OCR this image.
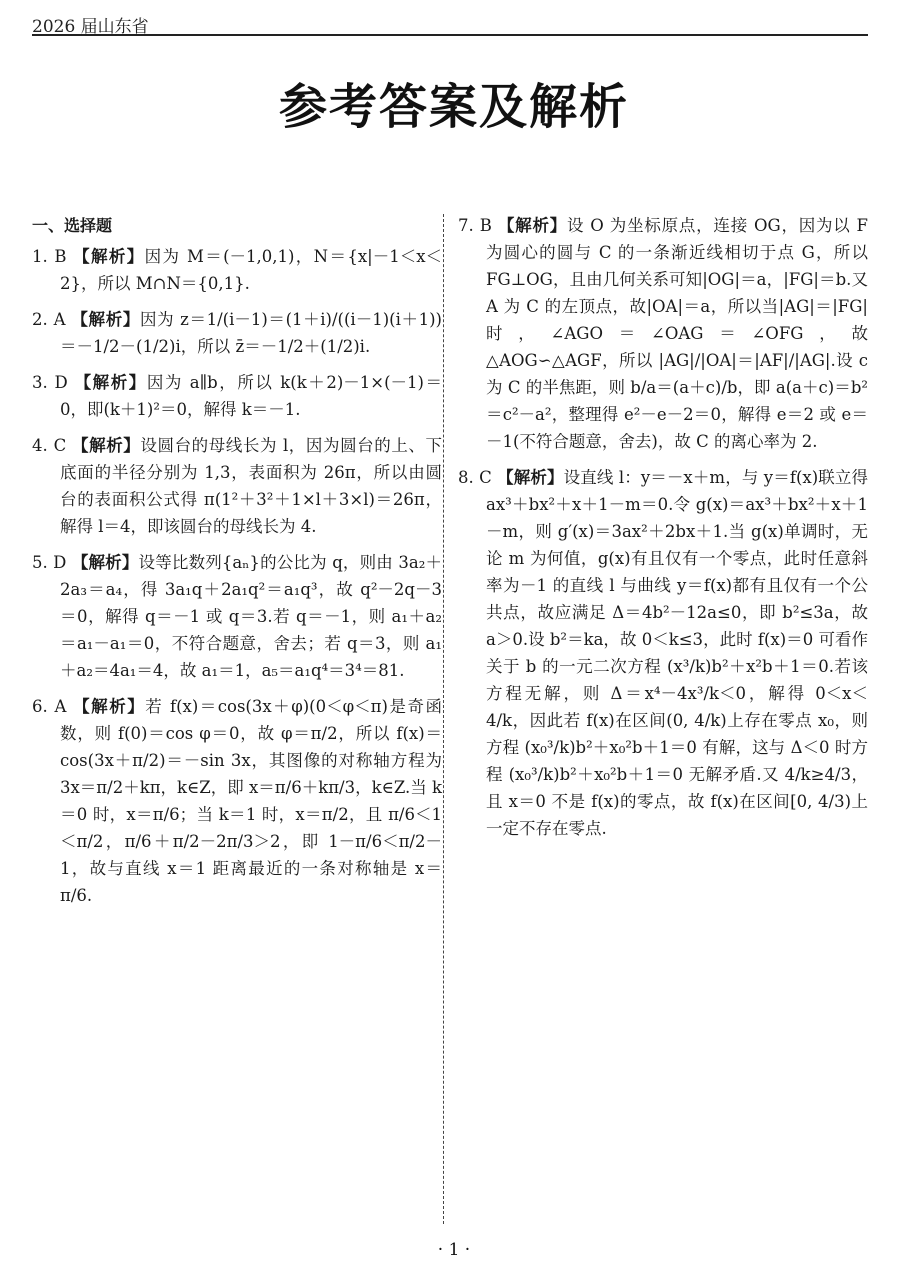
2026 届山东省
参考答案及解析
一、选择题

1. B 【解析】因为 M＝(－1,0,1)，N＝{x|－1＜x＜2}，所以 M∩N＝{0,1}.

2. A 【解析】因为 z＝1/(i－1)＝(1＋i)/((i－1)(i＋1))＝－1/2－(1/2)i，所以 z̄＝－1/2＋(1/2)i.

3. D 【解析】因为 a∥b，所以 k(k＋2)－1×(－1)＝0，即(k＋1)²＝0，解得 k＝－1.

4. C 【解析】设圆台的母线长为 l，因为圆台的上、下底面的半径分别为 1,3，表面积为 26π，所以由圆台的表面积公式得 π(1²＋3²＋1×l＋3×l)＝26π，解得 l＝4，即该圆台的母线长为 4.

5. D 【解析】设等比数列{aₙ}的公比为 q，则由 3a₂＋2a₃＝a₄，得 3a₁q＋2a₁q²＝a₁q³，故 q²－2q－3＝0，解得 q＝－1 或 q＝3.若 q＝－1，则 a₁＋a₂＝a₁－a₁＝0，不符合题意，舍去；若 q＝3，则 a₁＋a₂＝4a₁＝4，故 a₁＝1，a₅＝a₁q⁴＝3⁴＝81.

6. A 【解析】若 f(x)＝cos(3x＋φ)(0＜φ＜π)是奇函数，则 f(0)＝cos φ＝0，故 φ＝π/2，所以 f(x)＝cos(3x＋π/2)＝－sin 3x，其图像的对称轴方程为 3x＝π/2＋kπ，k∈Z，即 x＝π/6＋kπ/3，k∈Z.当 k＝0 时，x＝π/6；当 k＝1 时，x＝π/2，且 π/6＜1＜π/2，π/6＋π/2－2π/3＞2，即 1－π/6＜π/2－1，故与直线 x＝1 距离最近的一条对称轴是 x＝π/6.

7. B 【解析】设 O 为坐标原点，连接 OG，因为以 F 为圆心的圆与 C 的一条渐近线相切于点 G，所以 FG⊥OG，且由几何关系可知|OG|＝a，|FG|＝b.又 A 为 C 的左顶点，故|OA|＝a，所以当|AG|＝|FG|时，∠AGO＝∠OAG＝∠OFG，故△AOG∽△AGF，所以 |AG|/|OA|＝|AF|/|AG|.设 c 为 C 的半焦距，则 b/a＝(a＋c)/b，即 a(a＋c)＝b²＝c²－a²，整理得 e²－e－2＝0，解得 e＝2 或 e＝－1(不符合题意，舍去)，故 C 的离心率为 2.

8. C 【解析】设直线 l：y＝－x＋m，与 y＝f(x)联立得 ax³＋bx²＋x＋1－m＝0.令 g(x)＝ax³＋bx²＋x＋1－m，则 g′(x)＝3ax²＋2bx＋1.当 g(x)单调时，无论 m 为何值，g(x)有且仅有一个零点，此时任意斜率为－1 的直线 l 与曲线 y＝f(x)都有且仅有一个公共点，故应满足 Δ＝4b²－12a≤0，即 b²≤3a，故 a＞0.设 b²＝ka，故 0＜k≤3，此时 f(x)＝0 可看作关于 b 的一元二次方程 (x³/k)b²＋x²b＋1＝0.若该方程无解，则 Δ＝x⁴－4x³/k＜0，解得 0＜x＜4/k，因此若 f(x)在区间(0, 4/k)上存在零点 x₀，则方程 (x₀³/k)b²＋x₀²b＋1＝0 有解，这与 Δ＜0 时方程 (x₀³/k)b²＋x₀²b＋1＝0 无解矛盾.又 4/k≥4/3，且 x＝0 不是 f(x)的零点，故 f(x)在区间[0, 4/3)上一定不存在零点.

· 1 ·
